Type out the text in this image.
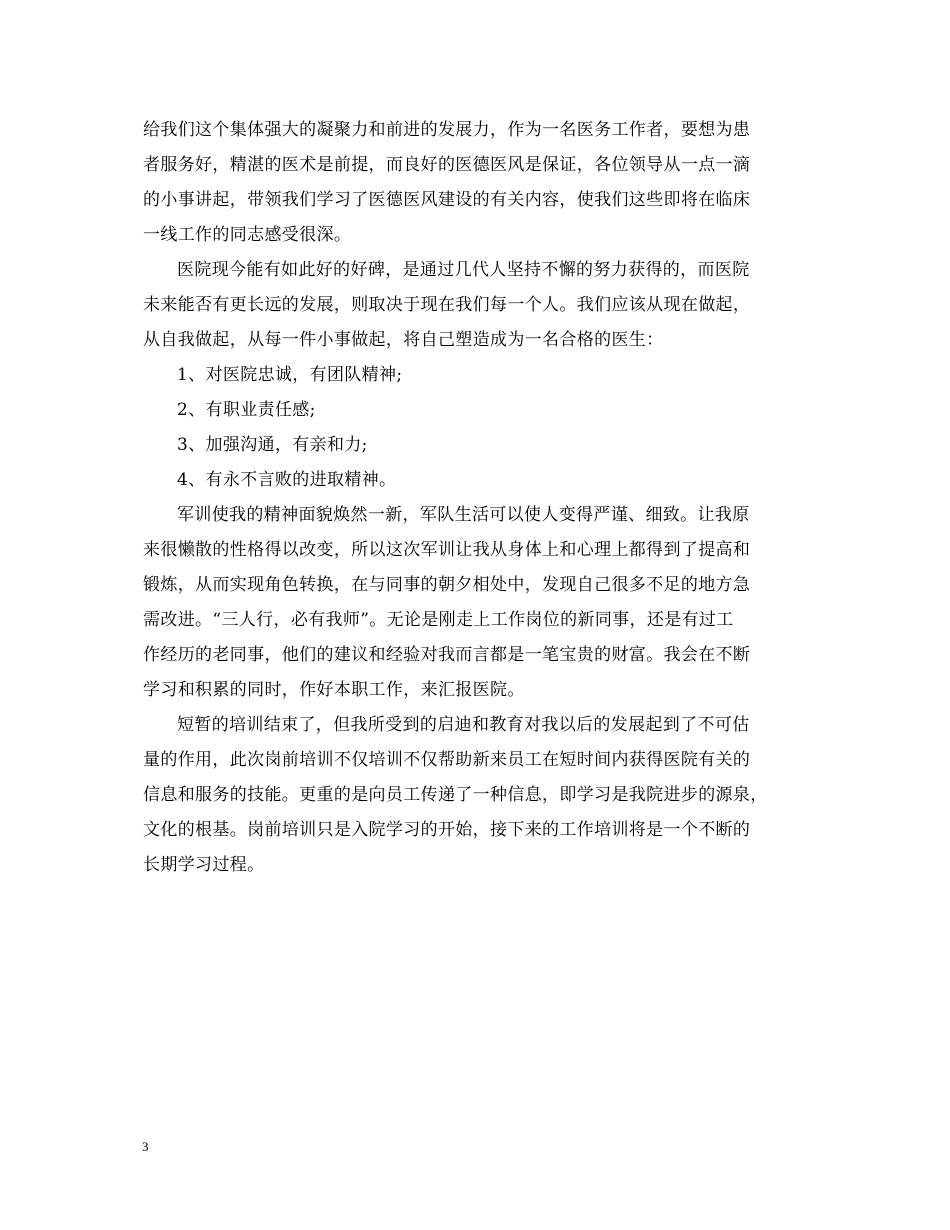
给我们这个集体强大的凝聚力和前进的发展力，作为一名医务工作者，要想为患
者服务好，精湛的医术是前提，而良好的医德医风是保证，各位领导从一点一滴
的小事讲起，带领我们学习了医德医风建设的有关内容，使我们这些即将在临床
一线工作的同志感受很深。

医院现今能有如此好的好碑，是通过几代人坚持不懈的努力获得的，而医院
未来能否有更长远的发展，则取决于现在我们每一个人。我们应该从现在做起，
从自我做起，从每一件小事做起，将自己塑造成为一名合格的医生：

1、对医院忠诚，有团队精神;

2、有职业责任感;

3、加强沟通，有亲和力;

4、有永不言败的进取精神。

军训使我的精神面貌焕然一新，军队生活可以使人变得严谨、细致。让我原
来很懒散的性格得以改变，所以这次军训让我从身体上和心理上都得到了提高和
锻炼，从而实现角色转换，在与同事的朝夕相处中，发现自己很多不足的地方急
需改进。“三人行，必有我师”。无论是刚走上工作岗位的新同事，还是有过工
作经历的老同事，他们的建议和经验对我而言都是一笔宝贵的财富。我会在不断
学习和积累的同时，作好本职工作，来汇报医院。

短暂的培训结束了，但我所受到的启迪和教育对我以后的发展起到了不可估
量的作用，此次岗前培训不仅培训不仅帮助新来员工在短时间内获得医院有关的
信息和服务的技能。更重的是向员工传递了一种信息，即学习是我院进步的源泉，
文化的根基。岗前培训只是入院学习的开始，接下来的工作培训将是一个不断的
长期学习过程。

3
